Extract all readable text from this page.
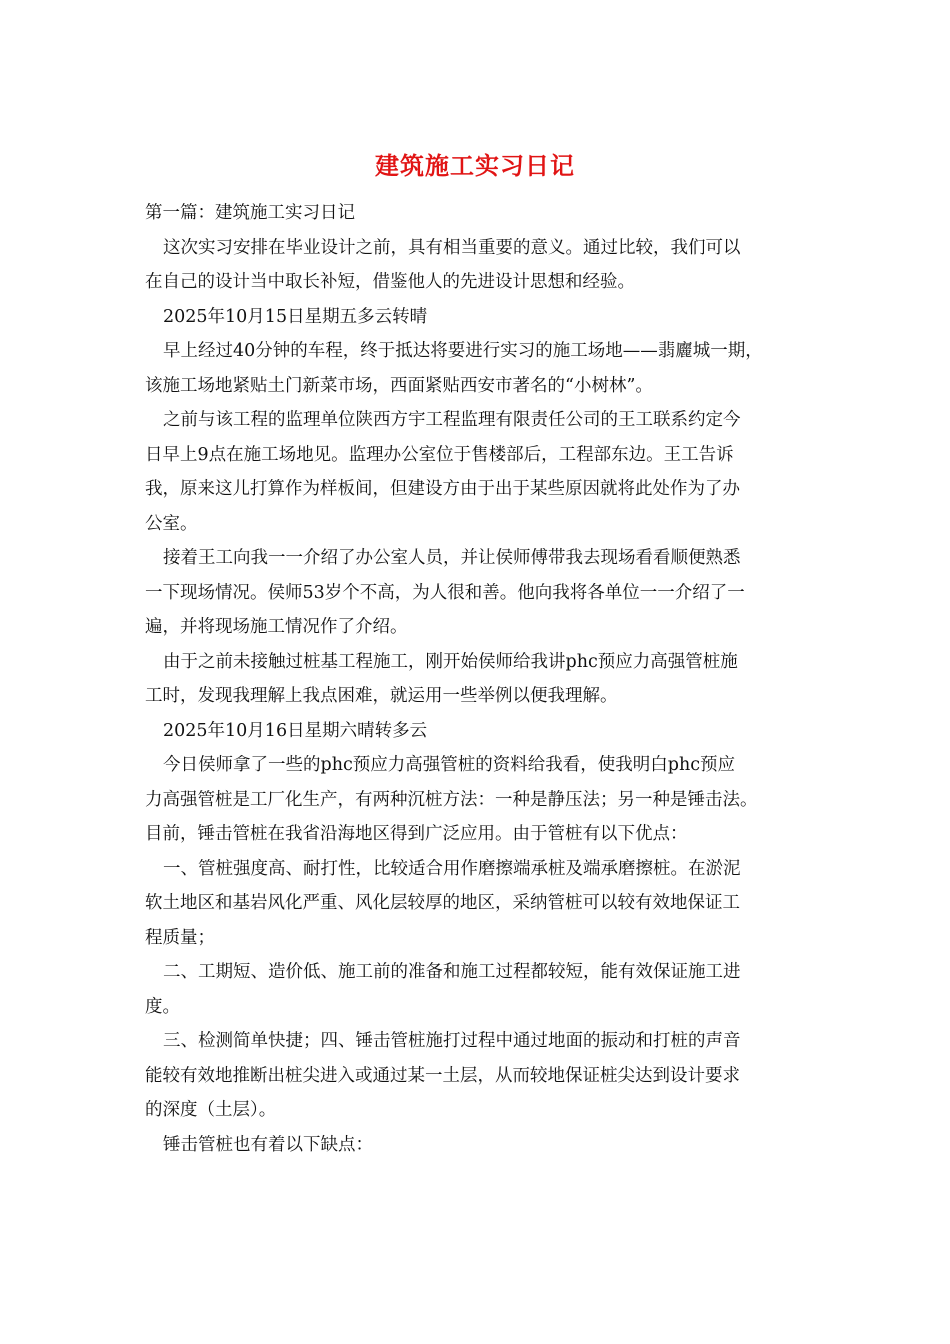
建筑施工实习日记
第一篇：建筑施工实习日记
这次实习安排在毕业设计之前，具有相当重要的意义。通过比较，我们可以
在自己的设计当中取长补短，借鉴他人的先进设计思想和经验。
2025年10月15日星期五多云转晴
早上经过40分钟的车程，终于抵达将要进行实习的施工场地——翡廲城一期，
该施工场地紧贴土门新菜市场，西面紧贴西安市著名的“小树林”。
之前与该工程的监理单位陕西方宇工程监理有限责任公司的王工联系约定今
日早上9点在施工场地见。监理办公室位于售楼部后，工程部东边。王工告诉
我，原来这儿打算作为样板间，但建设方由于出于某些原因就将此处作为了办
公室。
接着王工向我一一介绍了办公室人员，并让侯师傅带我去现场看看顺便熟悉
一下现场情况。侯师53岁个不高，为人很和善。他向我将各单位一一介绍了一
遍，并将现场施工情况作了介绍。
由于之前未接触过桩基工程施工，刚开始侯师给我讲phc预应力高强管桩施
工时，发现我理解上我点困难，就运用一些举例以便我理解。
2025年10月16日星期六晴转多云
今日侯师拿了一些的phc预应力高强管桩的资料给我看，使我明白phc预应
力高强管桩是工厂化生产，有两种沉桩方法：一种是静压法；另一种是锤击法。
目前，锤击管桩在我省沿海地区得到广泛应用。由于管桩有以下优点：
一、管桩强度高、耐打性，比较适合用作磨擦端承桩及端承磨擦桩。在淤泥
软土地区和基岩风化严重、风化层较厚的地区，采纳管桩可以较有效地保证工
程质量；
二、工期短、造价低、施工前的准备和施工过程都较短，能有效保证施工进
度。
三、检测简单快捷；四、锤击管桩施打过程中通过地面的振动和打桩的声音
能较有效地推断出桩尖进入或通过某一土层，从而较地保证桩尖达到设计要求
的深度（土层）。
锤击管桩也有着以下缺点：
